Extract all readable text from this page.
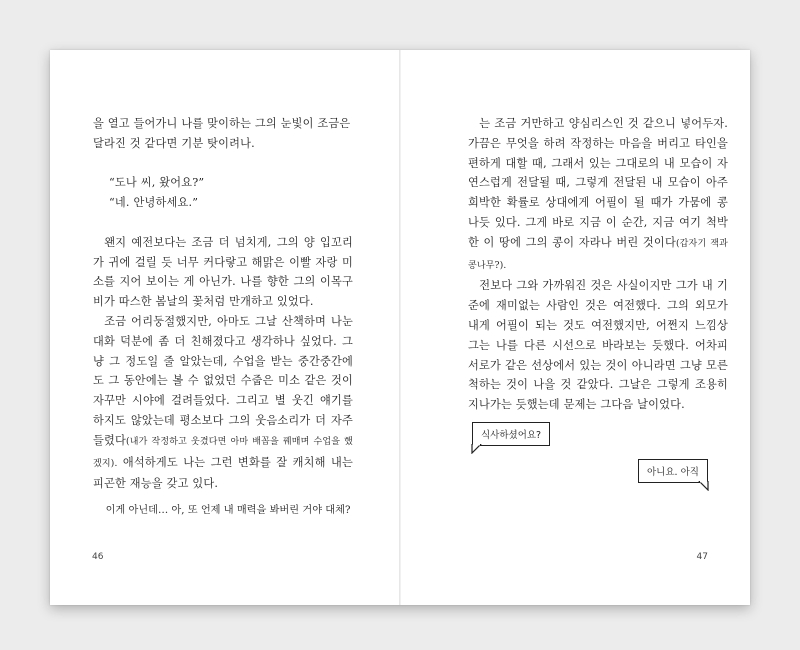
을 열고 들어가니 나를 맞이하는 그의 눈빛이 조금은

달라진 것 같다면 기분 탓이려나.

“도나 씨, 왔어요?”

“네. 안녕하세요.”

왠지 예전보다는 조금 더 넘치게, 그의 양 입꼬리가 귀에 걸릴 듯 너무 커다랗고 해맑은 이빨 자랑 미소를 지어 보이는 게 아닌가. 나를 향한 그의 이목구비가 따스한 봄날의 꽃처럼 만개하고 있었다.

조금 어리둥절했지만, 아마도 그날 산책하며 나눈 대화 덕분에 좀 더 친해졌다고 생각하나 싶었다. 그냥 그 정도일 줄 알았는데, 수업을 받는 중간중간에도 그 동안에는 볼 수 없었던 수줍은 미소 같은 것이 자꾸만 시야에 걸려들었다. 그리고 별 웃긴 얘기를 하지도 않았는데 평소보다 그의 웃음소리가 더 자주 들렸다(내가 작정하고 웃겼다면 아마 배꼽을 꿰매며 수업을 했겠지). 애석하게도 나는 그런 변화를 잘 캐치해 내는 피곤한 재능을 갖고 있다.

이게 아닌데… 아, 또 언제 내 매력을 봐버린 거야 대체?
46

는 조금 거만하고 양심리스인 것 같으니 넣어두자. 가끔은 무엇을 하려 작정하는 마음을 버리고 타인을 편하게 대할 때, 그래서 있는 그대로의 내 모습이 자연스럽게 전달될 때, 그렇게 전달된 내 모습이 아주 희박한 확률로 상대에게 어필이 될 때가 가뭄에 콩 나듯 있다. 그게 바로 지금 이 순간, 지금 여기 척박한 이 땅에 그의 콩이 자라나 버린 것이다(갑자기 잭과 콩나무?).

전보다 그와 가까워진 것은 사실이지만 그가 내 기준에 재미없는 사람인 것은 여전했다. 그의 외모가 내게 어필이 되는 것도 여전했지만, 어쩐지 느낌상 그는 나를 다른 시선으로 바라보는 듯했다. 어차피 서로가 같은 선상에서 있는 것이 아니라면 그냥 모른 척하는 것이 나을 것 같았다. 그날은 그렇게 조용히 지나가는 듯했는데 문제는 그다음 날이었다.

식사하셨어요?
아니요. 아직
47
